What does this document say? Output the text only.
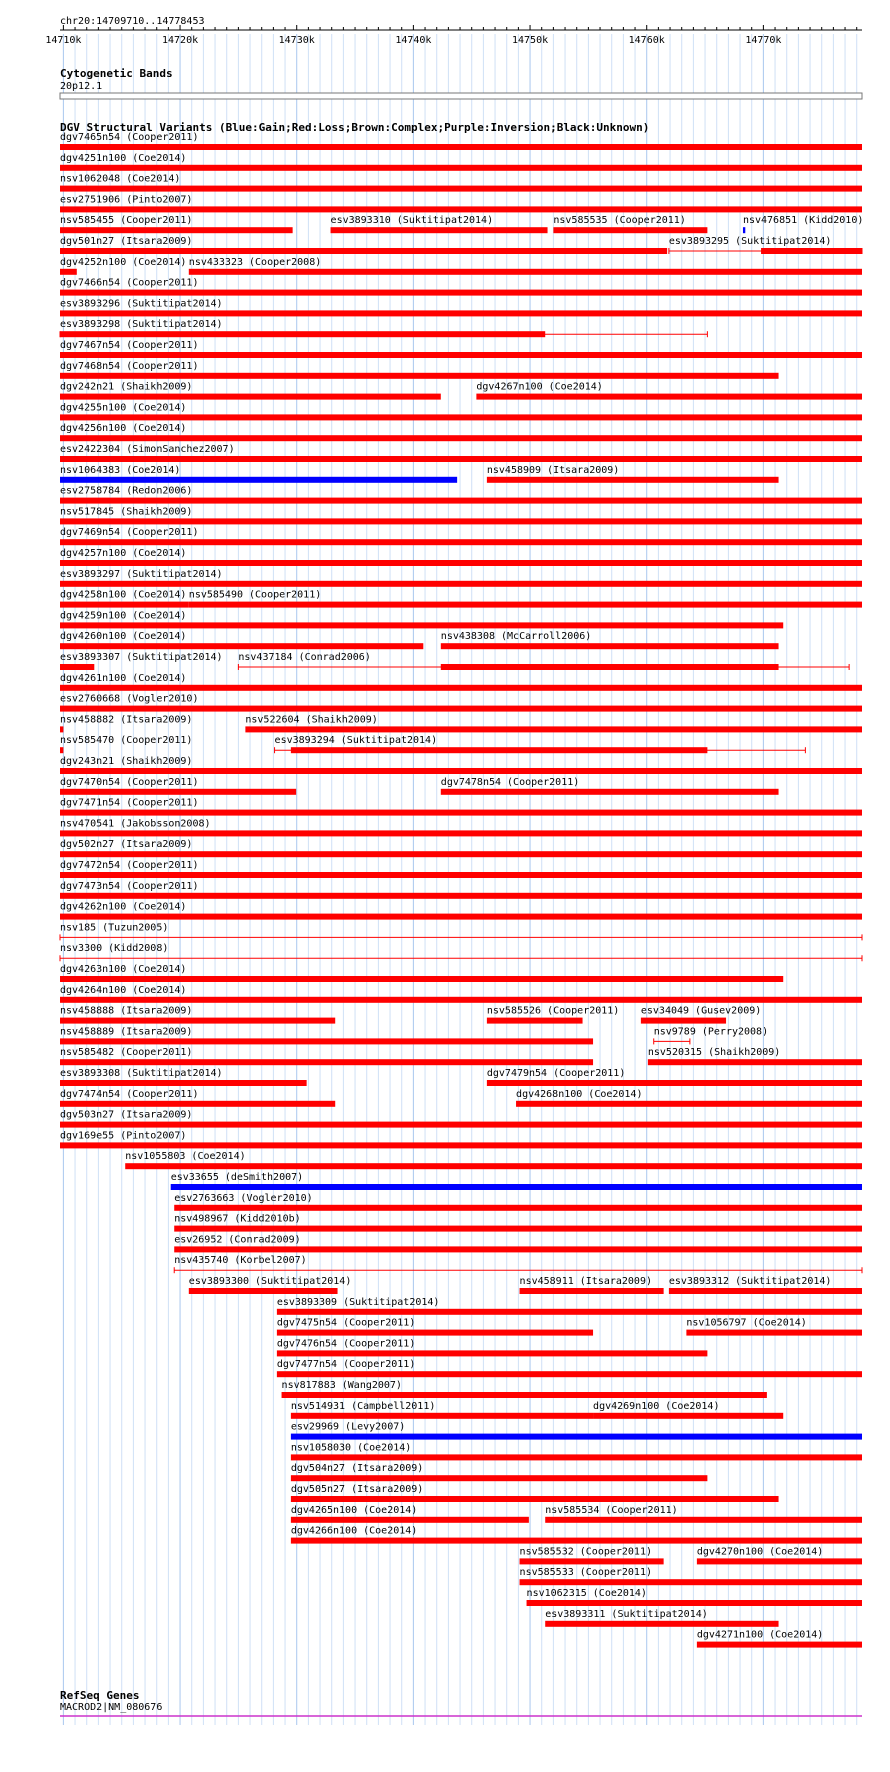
chr20:14709710..14778453
14710k	14720k	14730k	14740k	14750k	14760k	14770k
Cytogenetic Bands
20p12.1
DGV Structural Variants (Blue:Gain;Red:Loss;Brown:Complex;Purple:Inversion;Black:Unknown)
dgv7465n54 (Cooper2011)
dgv4251n100 (Coe2014)
nsv1062048 (Coe2014)
esv2751906 (Pinto2007)
nsv585455 (Cooper2011)	esv3893310 (Suktitipat2014)	nsv585535 (Cooper2011)	nsv476851 (Kidd2010)
dgv501n27 (Itsara2009)	esv3893295 (Suktitipat2014)
dgv4252n100 (Coe2014) nsv433323 (Cooper2008)
dgv7466n54 (Cooper2011)
esv3893296 (Suktitipat2014)
esv3893298 (Suktitipat2014)
dgv7467n54 (Cooper2011)
dgv7468n54 (Cooper2011)
dgv242n21 (Shaikh2009)	dgv4267n100 (Coe2014)
dgv4255n100 (Coe2014)
dgv4256n100 (Coe2014)
esv2422304 (SimonSanchez2007)
nsv1064383 (Coe2014)	nsv458909 (Itsara2009)
esv2758784 (Redon2006)
nsv517845 (Shaikh2009)
dgv7469n54 (Cooper2011)
dgv4257n100 (Coe2014)
esv3893297 (Suktitipat2014)
dgv4258n100 (Coe2014) nsv585490 (Cooper2011)
dgv4259n100 (Coe2014)
dgv4260n100 (Coe2014)	nsv438308 (McCarroll2006)
esv3893307 (Suktitipat2014) nsv437184 (Conrad2006)
dgv4261n100 (Coe2014)
esv2760668 (Vogler2010)
nsv458882 (Itsara2009)	nsv522604 (Shaikh2009)
nsv585470 (Cooper2011)	esv3893294 (Suktitipat2014)
dgv243n21 (Shaikh2009)
dgv7470n54 (Cooper2011)	dgv7478n54 (Cooper2011)
dgv7471n54 (Cooper2011)
nsv470541 (Jakobsson2008)
dgv502n27 (Itsara2009)
dgv7472n54 (Cooper2011)
dgv7473n54 (Cooper2011)
dgv4262n100 (Coe2014)
nsv185 (Tuzun2005)
nsv3300 (Kidd2008)
dgv4263n100 (Coe2014)
dgv4264n100 (Coe2014)
nsv458888 (Itsara2009)	nsv585526 (Cooper2011) esv34049 (Gusev2009)
nsv458889 (Itsara2009)	nsv9789 (Perry2008)
nsv585482 (Cooper2011)	nsv520315 (Shaikh2009)
esv3893308 (Suktitipat2014)	dgv7479n54 (Cooper2011)
dgv7474n54 (Cooper2011)	dgv4268n100 (Coe2014)
dgv503n27 (Itsara2009)
dgv169e55 (Pinto2007)
nsv1055803 (Coe2014)
esv33655 (deSmith2007)
esv2763663 (Vogler2010)
nsv498967 (Kidd2010b)
esv26952 (Conrad2009)
nsv435740 (Korbel2007)
esv3893300 (Suktitipat2014)	nsv458911 (Itsara2009) esv3893312 (Suktitipat2014)
esv3893309 (Suktitipat2014)
dgv7475n54 (Cooper2011)	nsv1056797 (Coe2014)
dgv7476n54 (Cooper2011)
dgv7477n54 (Cooper2011)
nsv817883 (Wang2007)
nsv514931 (Campbell2011)	dgv4269n100 (Coe2014)
esv29969 (Levy2007)
nsv1058030 (Coe2014)
dgv504n27 (Itsara2009)
dgv505n27 (Itsara2009)
dgv4265n100 (Coe2014)	nsv585534 (Cooper2011)
dgv4266n100 (Coe2014)
nsv585532 (Cooper2011)	dgv4270n100 (Coe2014)
nsv585533 (Cooper2011)
nsv1062315 (Coe2014)
esv3893311 (Suktitipat2014)
dgv4271n100 (Coe2014)
RefSeq Genes
MACROD2|NM_080676
